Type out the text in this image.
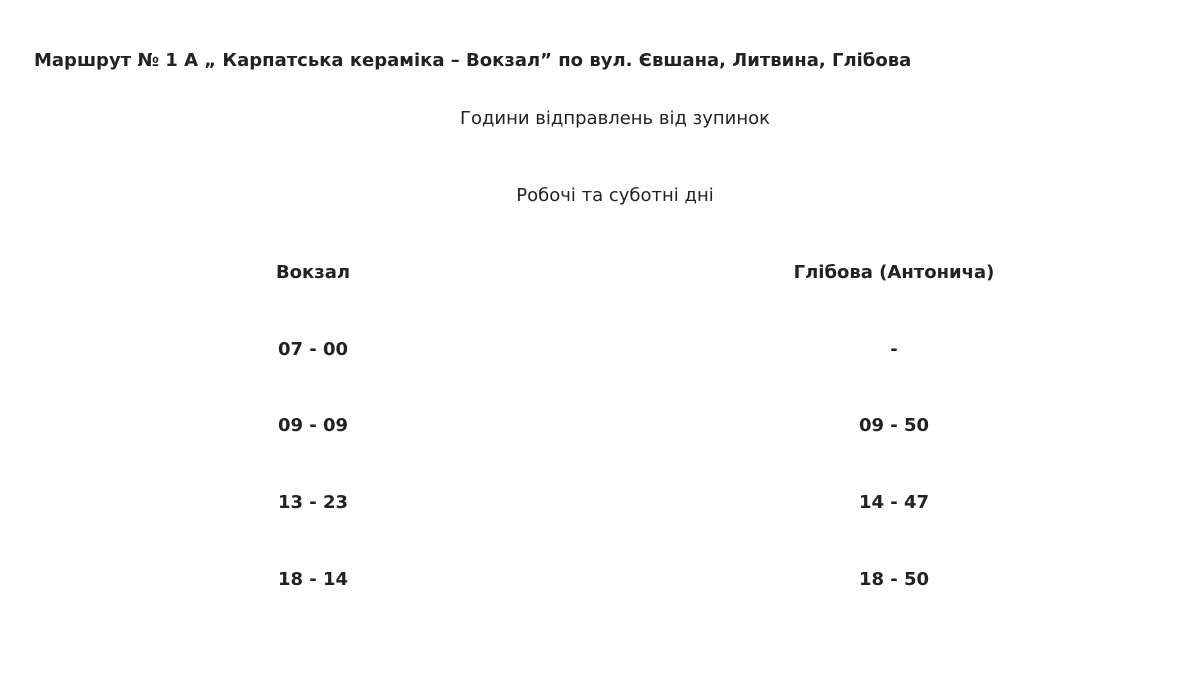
Маршрут № 1 А „ Карпатська кераміка – Вокзал” по вул. Євшана, Литвина, Глібова
Години відправлень від зупинок
Робочі та суботні дні
Вокзал	Глібова (Антонича)
07 - 00	-
09 - 09	09 - 50
13 - 23	14 - 47
18 - 14	18 - 50
